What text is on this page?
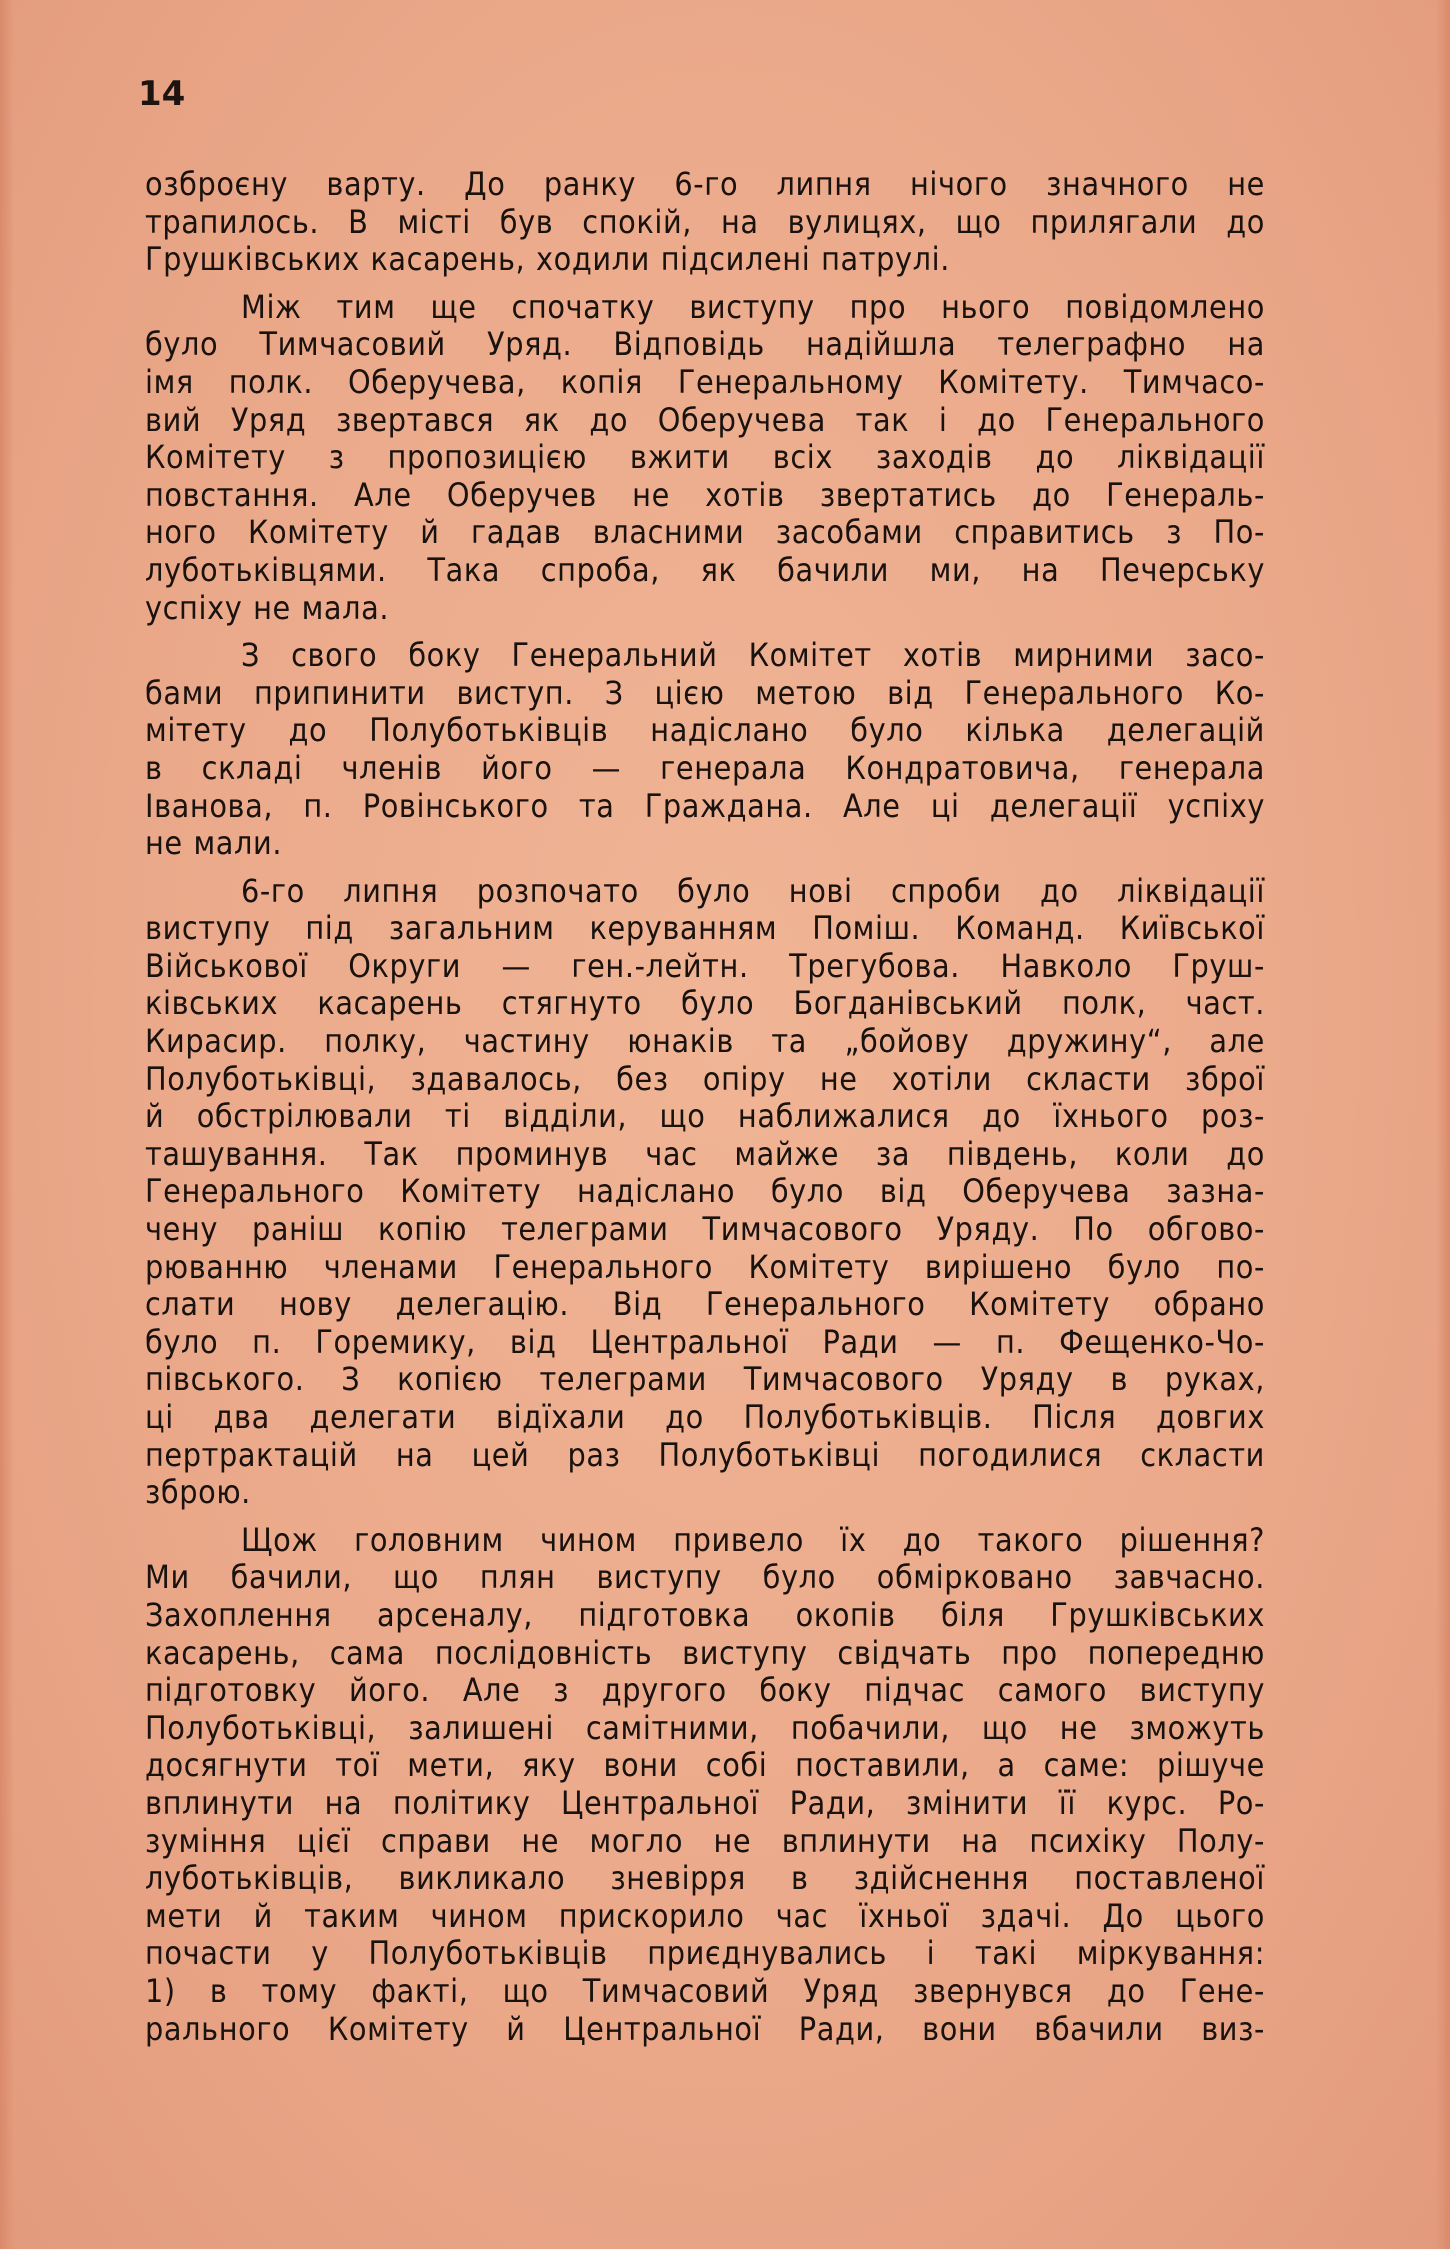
14

озброєну варту. До ранку 6-го липня нічого значного не
трапилось. В місті був спокій, на вулицях, що прилягали до
Грушківських касарень, ходили підсилені патрулі.

Між тим ще спочатку виступу про нього повідомлено
було Тимчасовий Уряд. Відповідь надійшла телеграфно на
імя полк. Оберучева, копія Генеральному Комітету. Тимчасо-
вий Уряд звертався як до Оберучева так і до Генерального
Комітету з пропозицією вжити всіх заходів до ліквідації
повстання. Але Оберучев не хотів звертатись до Генераль-
ного Комітету й гадав власними засобами справитись з По-
луботьківцями. Така спроба, як бачили ми, на Печерську
успіху не мала.

З свого боку Генеральний Комітет хотів мирними засо-
бами припинити виступ. З цією метою від Генерального Ко-
мітету до Полуботьківців надіслано було кілька делегацій
в складі членів його — генерала Кондратовича, генерала
Іванова, п. Ровінського та Граждана. Але ці делегації успіху
не мали.

6-го липня розпочато було нові спроби до ліквідації
виступу під загальним керуванням Поміш. Команд. Київської
Військової Округи — ген.-лейтн. Трегубова. Навколо Груш-
ківських касарень стягнуто було Богданівський полк, част.
Кирасир. полку, частину юнаків та „бойову дружину“, але
Полуботьківці, здавалось, без опіру не хотіли скласти зброї
й обстрілювали ті відділи, що наближалися до їхнього роз-
ташування. Так проминув час майже за південь, коли до
Генерального Комітету надіслано було від Оберучева зазна-
чену раніш копію телеграми Тимчасового Уряду. По обгово-
рюванню членами Генерального Комітету вирішено було по-
слати нову делегацію. Від Генерального Комітету обрано
було п. Горемику, від Центральної Ради — п. Фещенко-Чо-
півського. З копією телеграми Тимчасового Уряду в руках,
ці два делегати відїхали до Полуботьківців. Після довгих
пертрактацій на цей раз Полуботьківці погодилися скласти
зброю.

Щож головним чином привело їх до такого рішення?
Ми бачили, що плян виступу було обмірковано завчасно.
Захоплення арсеналу, підготовка окопів біля Грушківських
касарень, сама послідовність виступу свідчать про попередню
підготовку його. Але з другого боку підчас самого виступу
Полуботьківці, залишені самітними, побачили, що не зможуть
досягнути тої мети, яку вони собі поставили, а саме: рішуче
вплинути на політику Центральної Ради, змінити її курс. Ро-
зуміння цієї справи не могло не вплинути на психіку Полу-
луботьківців, викликало зневірря в здійснення поставленої
мети й таким чином прискорило час їхньої здачі. До цього
почасти у Полуботьківців приєднувались і такі міркування:
1) в тому факті, що Тимчасовий Уряд звернувся до Гене-
рального Комітету й Центральної Ради, вони вбачили виз-
